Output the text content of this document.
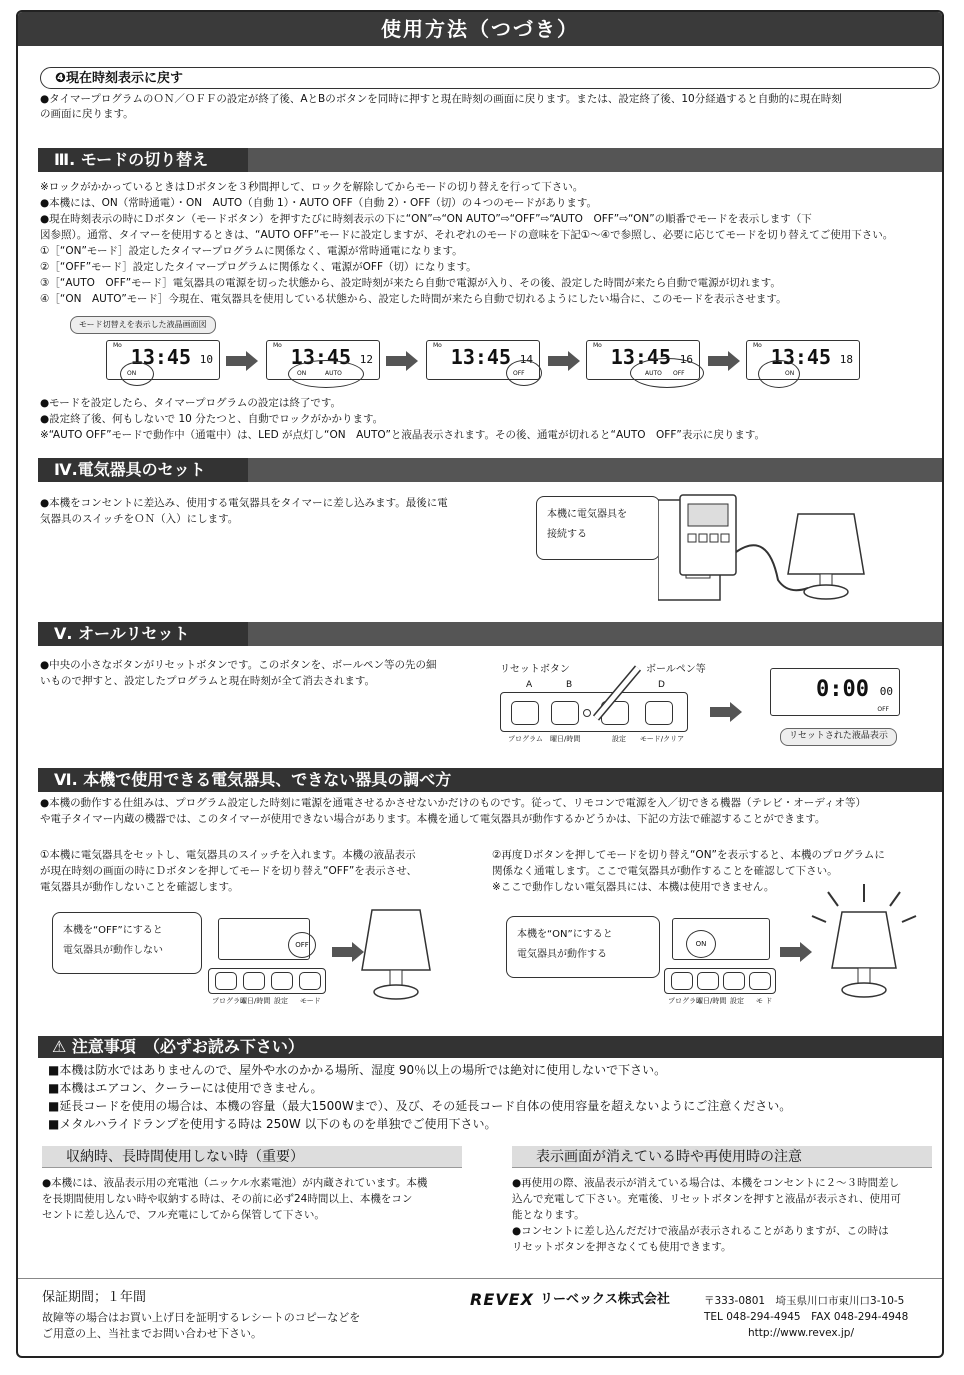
使用方法（つづき）
❹現在時刻表示に戻す
●タイマープログラムのＯＮ／ＯＦＦの設定が終了後、AとBのボタンを同時に押すと現在時刻の画面に戻ります。または、設定終了後、10分経過すると自動的に現在時刻
の画面に戻ります。
Ⅲ. モードの切り替え
※ロックがかかっているときはＤボタンを３秒間押して、ロックを解除してからモードの切り替えを行って下さい。
●本機には、ON（常時通電）・ON　AUTO（自動 1）・AUTO OFF（自動 2）・OFF（切）の４つのモードがあります。
●現在時刻表示の時にＤボタン（モードボタン）を押すたびに時刻表示の下に“ON”⇨“ON AUTO”⇨“OFF”⇨“AUTO　OFF”⇨“ON”の順番でモードを表示します（下
図参照）。通常、タイマーを使用するときは、“AUTO OFF”モードに設定しますが、それぞれのモードの意味を下記①〜④で参照し、必要に応じてモードを切り替えてご使用下さい。
①［“ON”モード］設定したタイマープログラムに関係なく、電源が常時通電になります。
②［“OFF”モード］設定したタイマープログラムに関係なく、電源がOFF（切）になります。
③［“AUTO　OFF”モード］電気器具の電源を切った状態から、設定時刻が来たら自動で電源が入り、その後、設定した時間が来たら自動で電源が切れます。
④［“ON　AUTO”モード］今現在、電気器具を使用している状態から、設定した時間が来たら自動で切れるようにしたい場合に、このモードを表示させます。
モード切替えを表示した液晶画面図
Mo 13:45 10
ON
Mo 13:45 12
ON	AUTO
Mo 13:45 14
OFF
Mo 13:45 16
AUTO OFF
Mo 13:45 18
ON
●モードを設定したら、タイマープログラムの設定は終了です。
●設定終了後、何もしないで 10 分たつと、自動でロックがかかります。
※“AUTO OFF”モードで動作中（通電中）は、LED が点灯し“ON　AUTO”と液晶表示されます。その後、通電が切れると“AUTO　OFF”表示に戻ります。
Ⅳ.電気器具のセット
●本機をコンセントに差込み、使用する電気器具をタイマーに差し込みます。最後に電
気器具のスイッチをＯＮ（入）にします。	本機に電気器具を
接続する
Ⅴ. オールリセット
●中央の小さなボタンがリセットボタンです。このボタンを、ボールペン等の先の細
いもので押すと、設定したプログラムと現在時刻が全て消去されます。
リセットボタン	ボールペン等
A	B	D
プログラム 曜日/時間	設定 モード/クリア
0:00 00
OFF
リセットされた液晶表示
Ⅵ. 本機で使用できる電気器具、できない器具の調べ方
●本機の動作する仕組みは、プログラム設定した時刻に電源を通電させるかさせないかだけのものです。従って、リモコンで電源を入／切できる機器（テレビ・オーディオ等）
や電子タイマー内蔵の機器では、このタイマーが使用できない場合があります。本機を通して電気器具が動作するかどうかは、下記の方法で確認することができます。
①本機に電気器具をセットし、電気器具のスイッチを入れます。本機の液晶表示
が現在時刻の画面の時にＤボタンを押してモードを切り替え“OFF”を表示させ、
電気器具が動作しないことを確認します。
②再度Ｄボタンを押してモードを切り替え“ON”を表示すると、本機のプログラムに
関係なく通電します。ここで電気器具が動作することを確認して下さい。
※ここで動作しない電気器具には、本機は使用できません。
本機を“OFF”にすると
電気器具が動作しない	OFF
プログラム
曜日/時間 設定 モード
本機を“ON”にすると
電気器具が動作する
ON
プログラム
曜日/時間 設定 モ ド
⚠ 注意事項　（必ずお読み下さい）
■本機は防水ではありませんので、屋外や水のかかる場所、湿度 90％以上の場所では絶対に使用しないで下さい。
■本機はエアコン、クーラーには使用できません。
■延長コードを使用の場合は、本機の容量（最大1500Wまで）、及び、その延長コード自体の使用容量を超えないようにご注意ください。
■メタルハライドランプを使用する時は 250W 以下のものを単独でご使用下さい。
収納時、長時間使用しない時（重要）
●本機には、液晶表示用の充電池（ニッケル水素電池）が内蔵されています。本機
を長期間使用しない時や収納する時は、その前に必ず24時間以上、本機をコン
セントに差し込んで、フル充電にしてから保管して下さい。
表示画面が消えている時や再使用時の注意
●再使用の際、液晶表示が消えている場合は、本機をコンセントに２～３時間差し
込んで充電して下さい。充電後、リセットボタンを押すと液晶が表示され、使用可
能となります。
●コンセントに差し込んだだけで液晶が表示されることがありますが、この時は
リセットボタンを押さなくても使用できます。
保証期間；１年間
故障等の場合はお買い上げ日を証明するレシートのコピーなどを
ご用意の上、当社までお問い合わせ下さい。
REVEX リーベックス株式会社	〒333-0801　埼玉県川口市東川口3-10-5
TEL 048-294-4945　FAX 048-294-4948
http://www.revex.jp/
